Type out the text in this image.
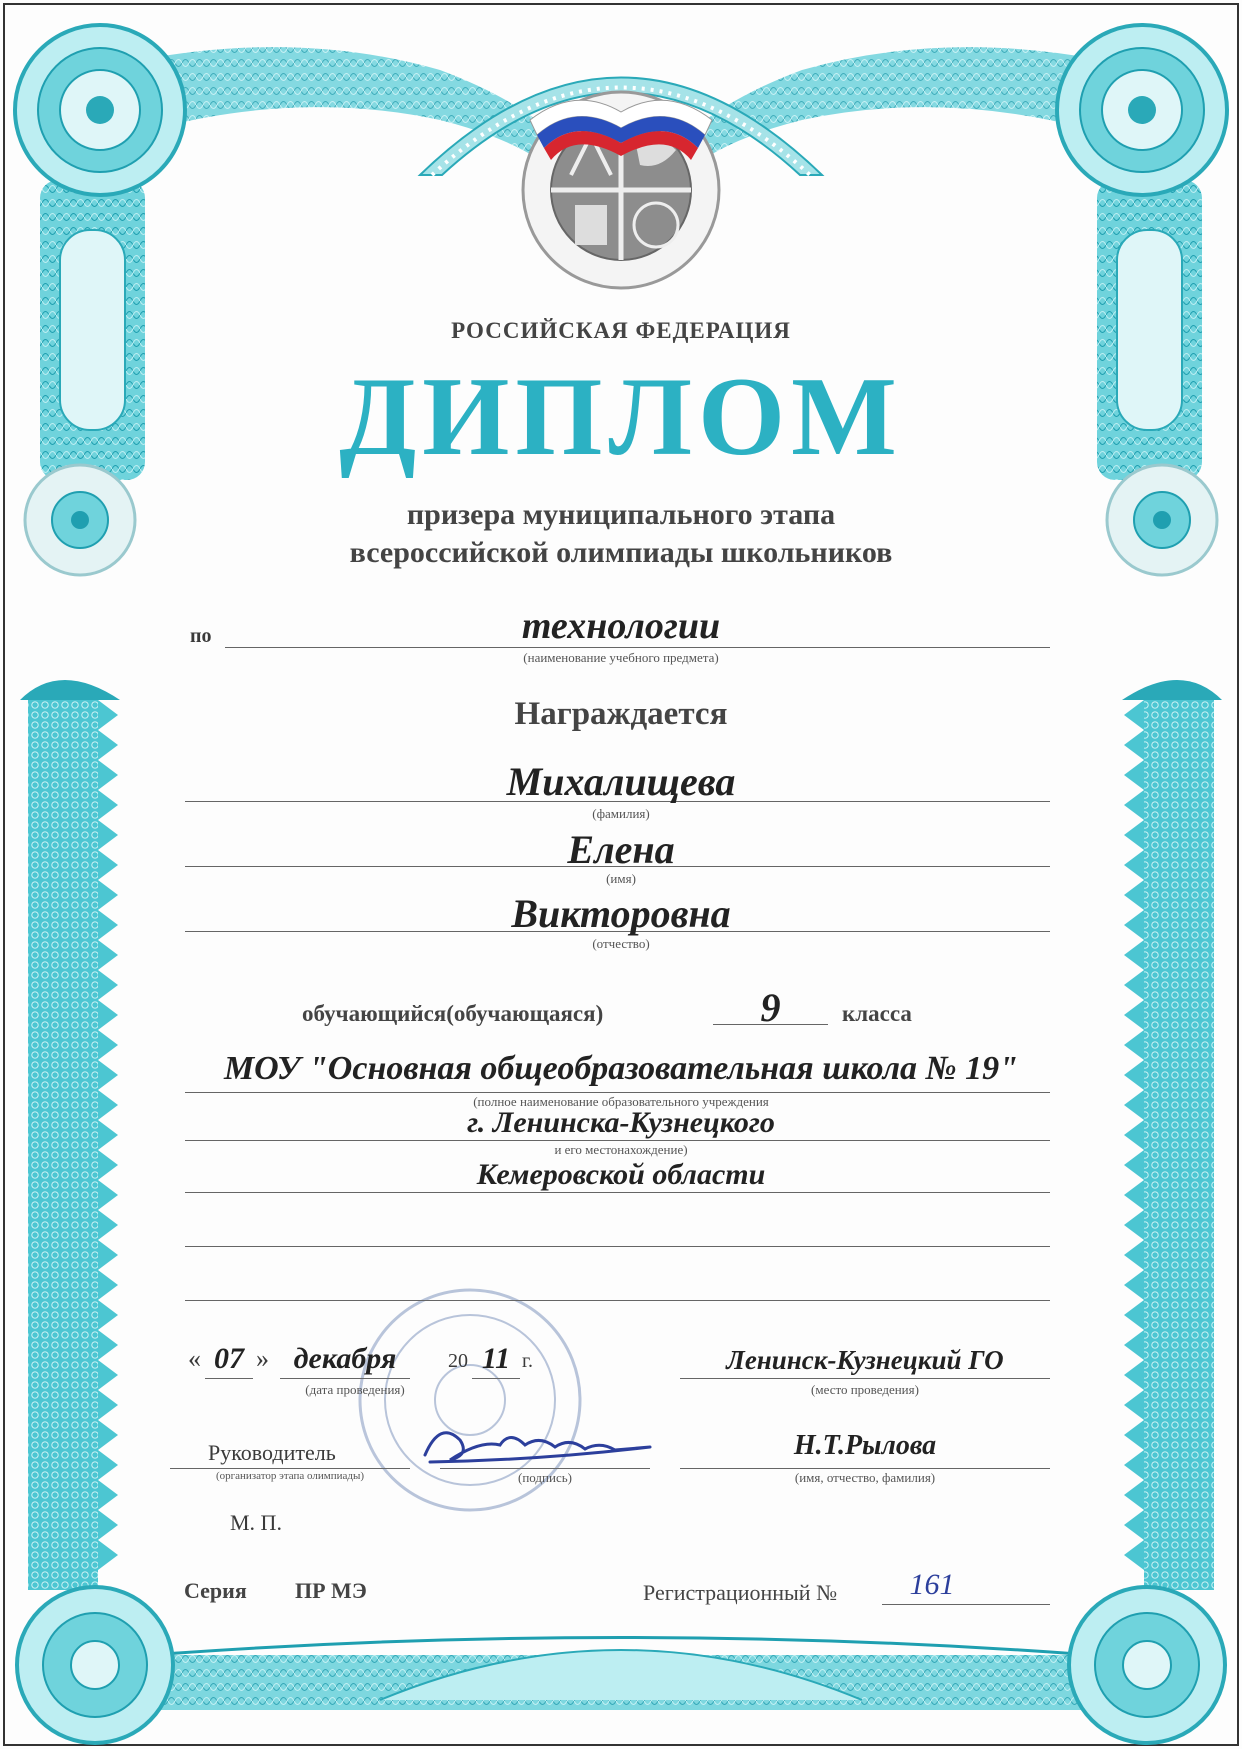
РОССИЙСКАЯ ФЕДЕРАЦИЯ
ДИПЛОМ
призера муниципального этапа
всероссийской олимпиады школьников
по	технологии
(наименование учебного предмета)
Награждается
Михалищева
(фамилия)
Елена
(имя)
Викторовна
(отчество)
обучающийся(обучающаяся)	9	класса
МОУ "Основная общеобразовательная школа № 19"
(полное наименование образовательного учреждения
г. Ленинска-Кузнецкого
и его местонахождение)
Кемеровской области
« 07 » декабря	20 11 г.
(дата проведения)
Ленинск-Кузнецкий ГО
(место проведения)
Руководитель
(организатор этапа олимпиады)	(подпись)
Н.Т.Рылова
(имя, отчество, фамилия)
М. П.
Серия ПР МЭ	Регистрационный №	161
